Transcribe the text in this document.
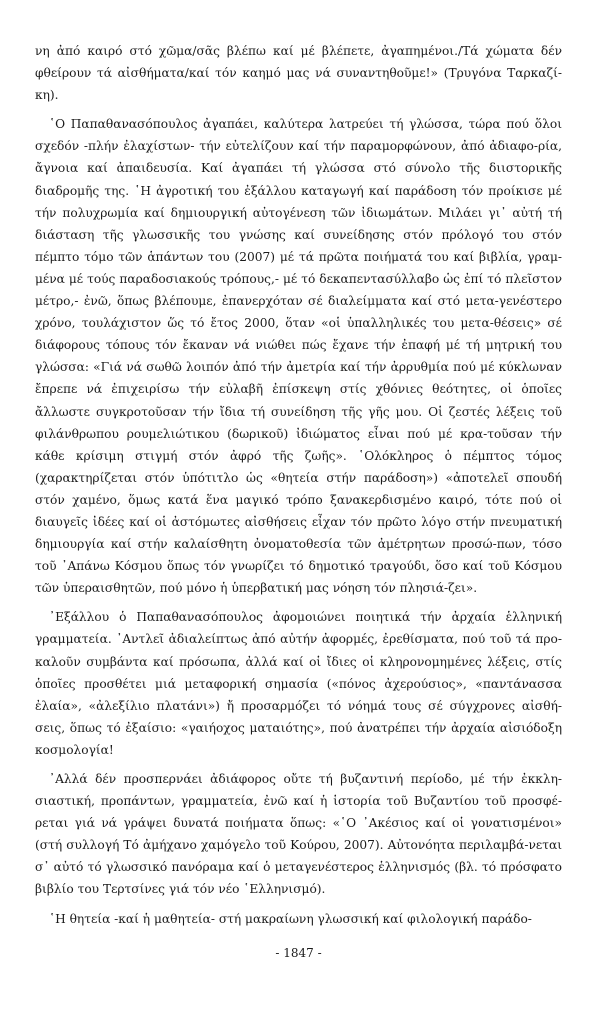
νη ἀπό καιρό στό χῶμα/σᾶς βλέπω καί μέ βλέπετε, ἀγαπημένοι./Τά χώματα δέν φθείρουν τά αἰσθήματα/καί τόν καημό μας νά συναντηθοῦμε!» (Τρυγόνα Ταρκαζί-κη).

῾Ο Παπαθανασόπουλος ἀγαπάει, καλύτερα λατρεύει τή γλώσσα, τώρα πού ὅλοι σχεδόν -πλήν ἐλαχίστων- τήν εὐτελίζουν καί τήν παραμορφώνουν, ἀπό ἀδιαφο-ρία, ἄγνοια καί ἀπαιδευσία. Καί ἀγαπάει τή γλώσσα στό σύνολο τῆς διιστορικῆς διαδρομῆς της. ῾Η ἀγροτική του ἐξάλλου καταγωγή καί παράδοση τόν προίκισε μέ τήν πολυχρωμία καί δημιουργική αὐτογένεση τῶν ἰδιωμάτων. Μιλάει γι᾽ αὐτή τή διάσταση τῆς γλωσσικῆς του γνώσης καί συνείδησης στόν πρόλογό του στόν πέμπτο τόμο τῶν ἁπάντων του (2007) μέ τά πρῶτα ποιήματά του καί βιβλία, γραμ-μένα μέ τούς παραδοσιακούς τρόπους,- μέ τό δεκαπεντασύλλαβο ὡς ἐπί τό πλεῖστον μέτρο,- ἐνῶ, ὅπως βλέπουμε, ἐπανερχόταν σέ διαλείμματα καί στό μετα-γενέστερο χρόνο, τουλάχιστον ὥς τό ἔτος 2000, ὅταν «οἱ ὑπαλληλικές του μετα-θέσεις» σέ διάφορους τόπους τόν ἔκαναν νά νιώθει πώς ἔχανε τήν ἐπαφή μέ τή μητρική του γλώσσα: «Γιά νά σωθῶ λοιπόν ἀπό τήν ἀμετρία καί τήν ἀρρυθμία πού μέ κύκλωναν ἔπρεπε νά ἐπιχειρίσω τήν εὐλαβῆ ἐπίσκεψη στίς χθόνιες θεότητες, οἱ ὁποῖες ἄλλωστε συγκροτοῦσαν τήν ἴδια τή συνείδηση τῆς γῆς μου. Οἱ ζεστές λέξεις τοῦ φιλάνθρωπου ρουμελιώτικου (δωρικοῦ) ἰδιώματος εἶναι πού μέ κρα-τοῦσαν τήν κάθε κρίσιμη στιγμή στόν ἀφρό τῆς ζωῆς». ῾Ολόκληρος ὁ πέμπτος τόμος (χαρακτηρίζεται στόν ὑπότιτλο ὡς «θητεία στήν παράδοση») «ἀποτελεῖ σπουδή στόν χαμένο, ὅμως κατά ἕνα μαγικό τρόπο ξανακερδισμένο καιρό, τότε πού οἱ διαυγεῖς ἰδέες καί οἱ ἀστόμωτες αἰσθήσεις εἶχαν τόν πρῶτο λόγο στήν πνευματική δημιουργία καί στήν καλαίσθητη ὀνοματοθεσία τῶν ἀμέτρητων προσώ-πων, τόσο τοῦ ᾽Απάνω Κόσμου ὅπως τόν γνωρίζει τό δημοτικό τραγούδι, ὅσο καί τοῦ Κόσμου τῶν ὑπεραισθητῶν, πού μόνο ἡ ὑπερβατική μας νόηση τόν πλησιά-ζει».

᾽Εξάλλου ὁ Παπαθανασόπουλος ἀφομοιώνει ποιητικά τήν ἀρχαία ἑλληνική γραμματεία. ᾽Αντλεῖ ἀδιαλείπτως ἀπό αὐτήν ἀφορμές, ἐρεθίσματα, πού τοῦ τά προ-καλοῦν συμβάντα καί πρόσωπα, ἀλλά καί οἱ ἴδιες οἱ κληρονομημένες λέξεις, στίς ὁποῖες προσθέτει μιά μεταφορική σημασία («πόνος ἀχερούσιος», «παντάνασσα ἐλαία», «ἀλεξίλιο πλατάνι») ἤ προσαρμόζει τό νόημά τους σέ σύγχρονες αἰσθή-σεις, ὅπως τό ἐξαίσιο: «γαιήοχος ματαιότης», πού ἀνατρέπει τήν ἀρχαία αἰσιόδοξη κοσμολογία!

᾽Αλλά δέν προσπερνάει ἀδιάφορος οὔτε τή βυζαντινή περίοδο, μέ τήν ἐκκλη-σιαστική, προπάντων, γραμματεία, ἐνῶ καί ἡ ἱστορία τοῦ Βυζαντίου τοῦ προσφέ-ρεται γιά νά γράψει δυνατά ποιήματα ὅπως: «῾Ο ᾽Ακέσιος καί οἱ γονατισμένοι» (στή συλλογή Τό ἀμήχανο χαμόγελο τοῦ Κούρου, 2007). Αὐτονόητα περιλαμβά-νεται σ᾽ αὐτό τό γλωσσικό πανόραμα καί ὁ μεταγενέστερος ἑλληνισμός (βλ. τό πρόσφατο βιβλίο του Τερτσίνες γιά τόν νέο ῾Ελληνισμό).

῾Η θητεία -καί ἡ μαθητεία- στή μακραίωνη γλωσσική καί φιλολογική παράδο-

- 1847 -
